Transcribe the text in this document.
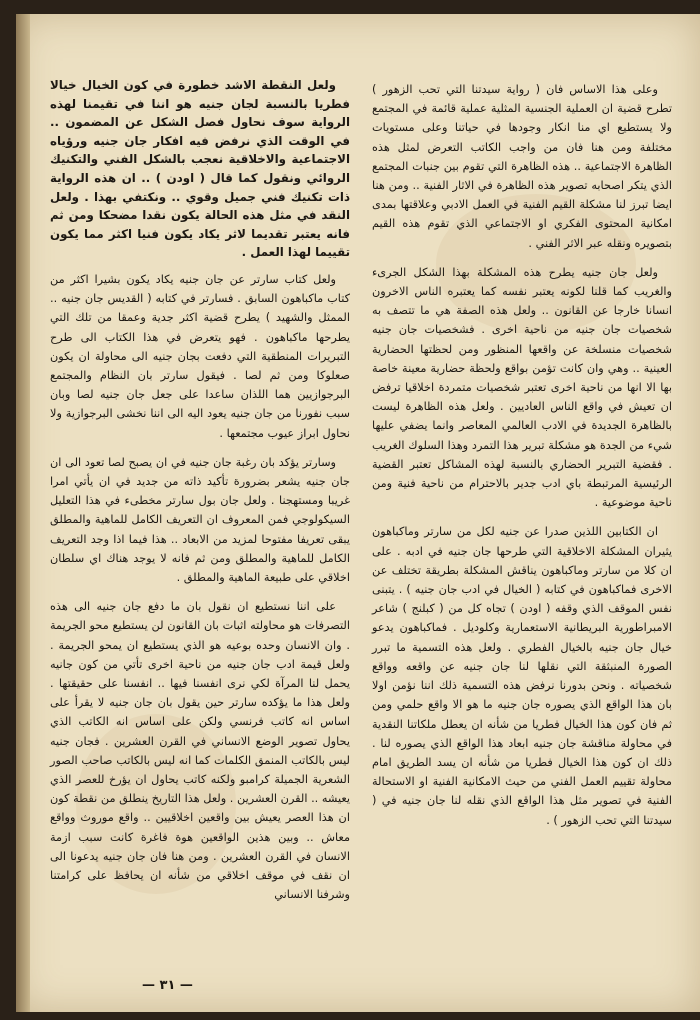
وعلى هذا الاساس فان ( رواية سيدتنا التي تحب الزهور ) تطرح قضية ان العملية الجنسية المثلية عملية قائمة في المجتمع ولا يستطيع اي منا انكار وجودها في حياتنا وعلى مستويات مختلفة ومن هنا فان من واجب الكاتب التعرض لمثل هذه الظاهرة الاجتماعية .. هذه الظاهرة التي تقوم بين جنبات المجتمع الذي يتكر اصحابه تصوير هذه الظاهرة في الاثار الفنية .. ومن هنا ايضا تبرز لنا مشكلة القيم الفنية في العمل الادبي وعلاقتها بمدى امكانية المحتوى الفكري او الاجتماعي الذي تقوم هذه القيم بتصويره ونقله عبر الاثر الفني .

ولعل جان جنيه يطرح هذه المشكلة بهذا الشكل الجرىء والغريب كما قلنا لكونه يعتبر نفسه كما يعتبره الناس الاخرون انسانا خارجا عن القانون .. ولعل هذه الصفة هي ما تتصف به شخصيات جان جنيه من ناحية اخرى . فشخصيات جان جنيه شخصيات منسلخة عن واقعها المنظور ومن لحظتها الحضارية العينية .. وهي وان كانت تؤمن بواقع ولحظة حضارية معينة خاصة بها الا انها من ناحية اخرى تعتبر شخصيات متمردة اخلاقيا ترفض ان تعيش في واقع الناس العاديين . ولعل هذه الظاهرة ليست بالظاهرة الجديدة في الادب العالمي المعاصر وانما يضفي عليها شيء من الجدة هو مشكلة تبرير هذا التمرد وهذا السلوك الغريب . فقضية التبرير الحضاري بالنسبة لهذه المشاكل تعتبر القضية الرئيسية المرتبطة باي ادب جدير بالاحترام من ناحية فنية ومن ناحية موضوعية .

ان الكتابين اللذين صدرا عن جنيه لكل من سارتر وماكباهون يثيران المشكلة الاخلاقية التي طرحها جان جنيه في ادبه . على ان كلا من سارتر وماكباهون يناقش المشكلة بطريقة تختلف عن الاخرى فماكباهون في كتابه ( الخيال في ادب جان جنيه ) . يتبنى نفس الموقف الذي وقفه ( اودن ) تجاه كل من ( كبلنج ) شاعر الامبراطورية البريطانية الاستعمارية وكلوديل . فماكباهون يدعو خيال جان جنيه بالخيال الفطري . ولعل هذه التسمية ما تبرر الصورة المنبثقة التي نقلها لنا جان جنيه عن واقعه وواقع شخصياته . ونحن بدورنا نرفض هذه التسمية ذلك اننا نؤمن اولا بان هذا الواقع الذي يصوره جان جنيه ما هو الا واقع حلمي ومن ثم فان كون هذا الخيال فطريا من شأنه ان يعطل ملكاتنا النقدية في محاولة مناقشة جان جنيه ابعاد هذا الواقع الذي يصوره لنا . ذلك ان كون هذا الخيال فطريا من شأنه ان يسد الطريق امام محاولة تقييم العمل الفني من حيث الامكانية الفنية او الاستحالة الفنية في تصوير مثل هذا الواقع الذي نقله لنا جان جنيه في ( سيدتنا التي تحب الزهور ) .

ولعل النقطة الاشد خطورة في كون الخيال خيالا فطريا بالنسبة لجان جنيه هو اننا في تقيمنا لهذه الرواية سوف نحاول فصل الشكل عن المضمون .. في الوقت الذي نرفض فيه افكار جان جنيه ورؤياه الاجتماعية والاخلاقية نعجب بالشكل الفني والتكنيك الروائي ونقول كما قال ( اودن ) .. ان هذه الرواية ذات تكنيك فني جميل وقوي .. ونكتفي بهذا . ولعل النقد في مثل هذه الحالة يكون نقدا مضحكا ومن ثم فانه يعتبر تقديما لاثر يكاد يكون فنيا اكثر مما يكون تقييما لهذا العمل .

ولعل كتاب سارتر عن جان جنيه يكاد يكون بشيرا اكثر من كتاب ماكباهون السابق . فسارتر في كتابه ( القديس جان جنيه .. الممثل والشهيد ) يطرح قضية اكثر جدية وعمقا من تلك التي يطرحها ماكباهون . فهو يتعرض في هذا الكتاب الى طرح التبريرات المنطقية التي دفعت بجان جنيه الى محاولة ان يكون صعلوكا ومن ثم لصا . فيقول سارتر بان النظام والمجتمع البرجوازيين هما اللذان ساعدا على جعل جان جنيه لصا وبان سبب نفورنا من جان جنيه يعود اليه الى اننا نخشى البرجوازية ولا نحاول ابراز عيوب مجتمعها .

وسارتر يؤكد بان رغبة جان جنيه في ان يصبح لصا تعود الى ان جان جنيه يشعر بضرورة تأكيد ذاته من جديد في ان يأتي امرا غريبا ومستهجنا . ولعل جان بول سارتر مخطىء في هذا التعليل السيكولوجي فمن المعروف ان التعريف الكامل للماهية والمطلق يبقى تعريفا مفتوحا لمزيد من الابعاد .. هذا فيما اذا وجد التعريف الكامل للماهية والمطلق ومن ثم فانه لا يوجد هناك اي سلطان اخلاقي على طبيعة الماهية والمطلق .

على اننا نستطيع ان نقول بان ما دفع جان جنيه الى هذه التصرفات هو محاولته اثبات بان القانون لن يستطيع محو الجريمة . وان الانسان وحده بوعيه هو الذي يستطيع ان يمحو الجريمة . ولعل قيمة ادب جان جنيه من ناحية اخرى تأتي من كون جانيه يحمل لنا المرآة لكي نرى انفسنا فيها .. انفسنا على حقيقتها . ولعل هذا ما يؤكده سارتر حين يقول بان جان جنيه لا يقرأ على اساس انه كاتب فرنسي ولكن على اساس انه الكاتب الذي يحاول تصوير الوضع الانساني في القرن العشرين . فجان جنيه ليس بالكاتب المنمق الكلمات كما انه ليس بالكاتب صاحب الصور الشعرية الجميلة كرامبو ولكنه كاتب يحاول ان يؤرخ للعصر الذي يعيشه .. القرن العشرين . ولعل هذا التاريخ ينطلق من نقطة كون ان هذا العصر يعيش بين واقعين اخلاقيين .. واقع موروث وواقع معاش .. وبين هذين الواقعين هوة فاغرة كانت سبب ازمة الانسان في القرن العشرين . ومن هنا فان جان جنيه يدعونا الى ان نقف في موقف اخلاقي من شأنه ان يحافظ على كرامتنا وشرفنا الانساني

— ٣١ —
